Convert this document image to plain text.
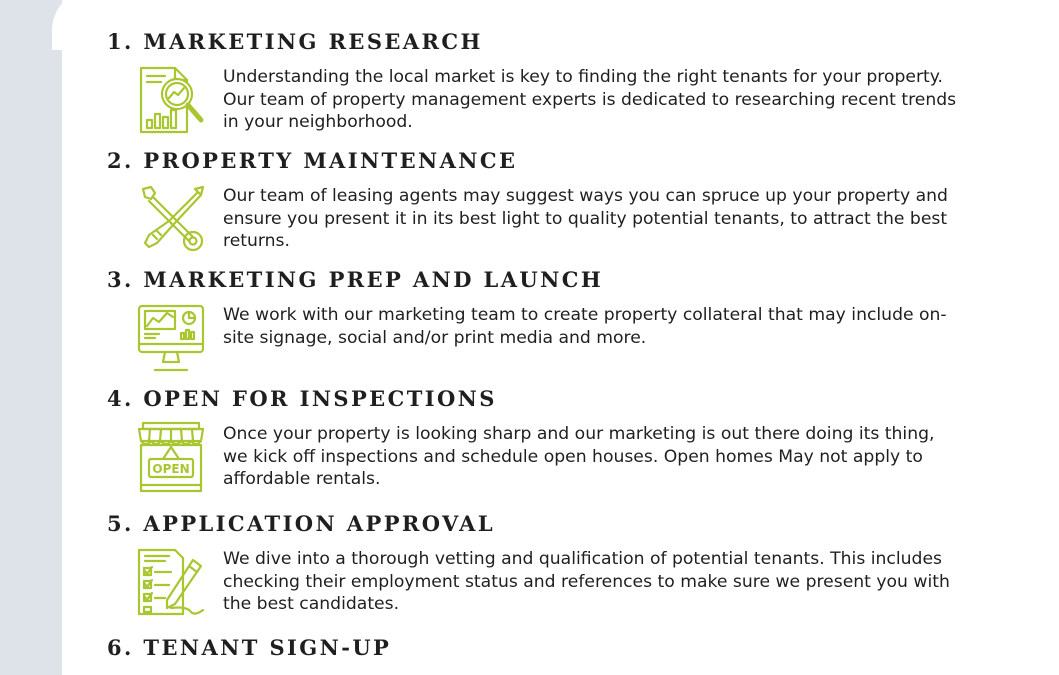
1. MARKETING RESEARCH
Understanding the local market is key to finding the right tenants for your property. Our team of property management experts is dedicated to researching recent trends in your neighborhood.
2. PROPERTY MAINTENANCE
Our team of leasing agents may suggest ways you can spruce up your property and ensure you present it in its best light to quality potential tenants, to attract the best returns.
3. MARKETING PREP AND LAUNCH
We work with our marketing team to create property collateral that may include on-site signage, social and/or print media and more.
4. OPEN FOR INSPECTIONS
OPEN
Once your property is looking sharp and our marketing is out there doing its thing, we kick off inspections and schedule open houses. Open homes May not apply to affordable rentals.
5. APPLICATION APPROVAL
We dive into a thorough vetting and qualification of potential tenants. This includes checking their employment status and references to make sure we present you with the best candidates.
6. TENANT SIGN-UP
